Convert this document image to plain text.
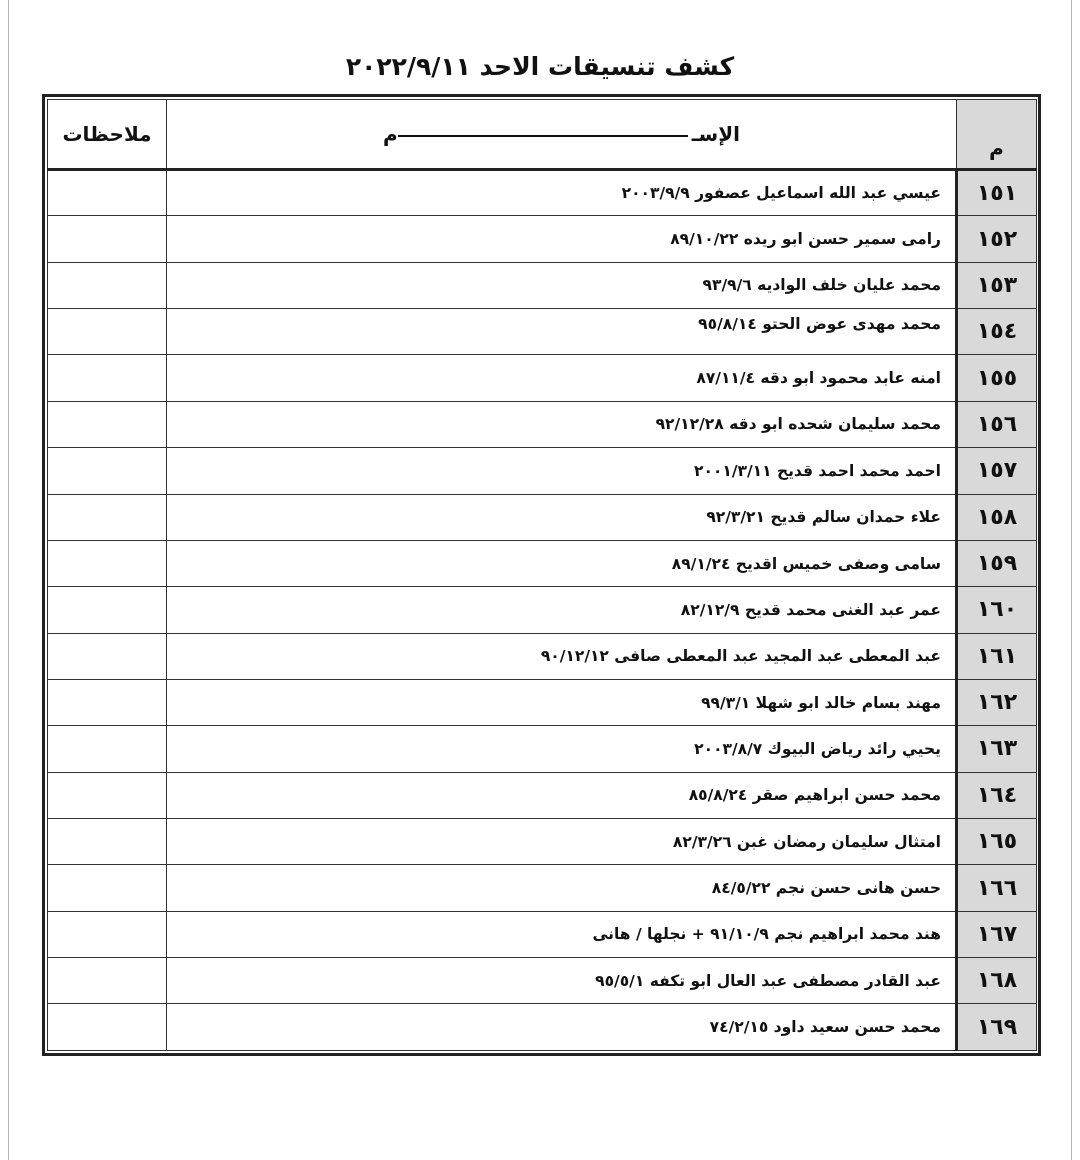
كشف تنسيقات الاحد ٢٠٢٢/٩/١١
م	الإسـم	ملاحظات
١٥١	عيسي عبد الله اسماعيل عصفور ٢٠٠٣/٩/٩	
١٥٢	رامى سمير حسن ابو ريده ٨٩/١٠/٢٢	
١٥٣	محمد عليان خلف الواديه ٩٣/٩/٦	
١٥٤	محمد مهدى عوض الحتو ٩٥/٨/١٤	
١٥٥	امنه عابد محمود ابو دقه ٨٧/١١/٤	
١٥٦	محمد سليمان شحده ابو دقه ٩٢/١٢/٢٨	
١٥٧	احمد محمد احمد قديح ٢٠٠١/٣/١١	
١٥٨	علاء حمدان سالم قديح ٩٢/٣/٢١	
١٥٩	سامى وصفى خميس اقديح ٨٩/١/٢٤	
١٦٠	عمر عبد الغنى محمد قديح ٨٢/١٢/٩	
١٦١	عبد المعطى عبد المجيد عبد المعطى صافى ٩٠/١٢/١٢	
١٦٢	مهند بسام خالد ابو شهلا ٩٩/٣/١	
١٦٣	يحيي رائد رياض البيوك ٢٠٠٣/٨/٧	
١٦٤	محمد حسن ابراهيم صقر ٨٥/٨/٢٤	
١٦٥	امتثال سليمان رمضان غبن ٨٢/٣/٢٦	
١٦٦	حسن هانى حسن نجم ٨٤/٥/٢٢	
١٦٧	هند محمد ابراهيم نجم ٩١/١٠/٩ + نجلها / هانى	
١٦٨	عبد القادر مصطفى عبد العال ابو تكفه ٩٥/٥/١	
١٦٩	محمد حسن سعيد داود ٧٤/٢/١٥	
